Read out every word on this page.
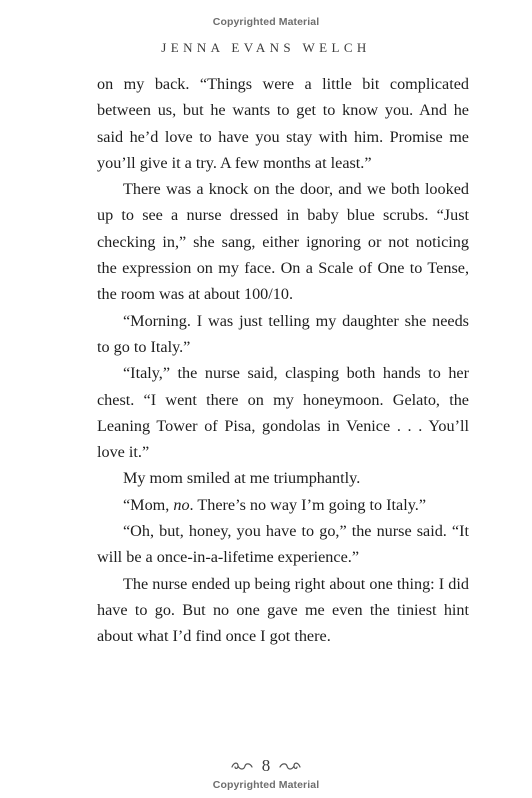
Copyrighted Material
JENNA EVANS WELCH

on my back. “Things were a little bit complicated between us, but he wants to get to know you. And he said he’d love to have you stay with him. Promise me you’ll give it a try. A few months at least.”

There was a knock on the door, and we both looked up to see a nurse dressed in baby blue scrubs. “Just checking in,” she sang, either ignoring or not noticing the expression on my face. On a Scale of One to Tense, the room was at about 100/10.

“Morning. I was just telling my daughter she needs to go to Italy.”

“Italy,” the nurse said, clasping both hands to her chest. “I went there on my honeymoon. Gelato, the Leaning Tower of Pisa, gondolas in Venice . . . You’ll love it.”

My mom smiled at me triumphantly.

“Mom, no. There’s no way I’m going to Italy.”

“Oh, but, honey, you have to go,” the nurse said. “It will be a once-in-a-lifetime experience.”

The nurse ended up being right about one thing: I did have to go. But no one gave me even the tiniest hint about what I’d find once I got there.

8
Copyrighted Material
